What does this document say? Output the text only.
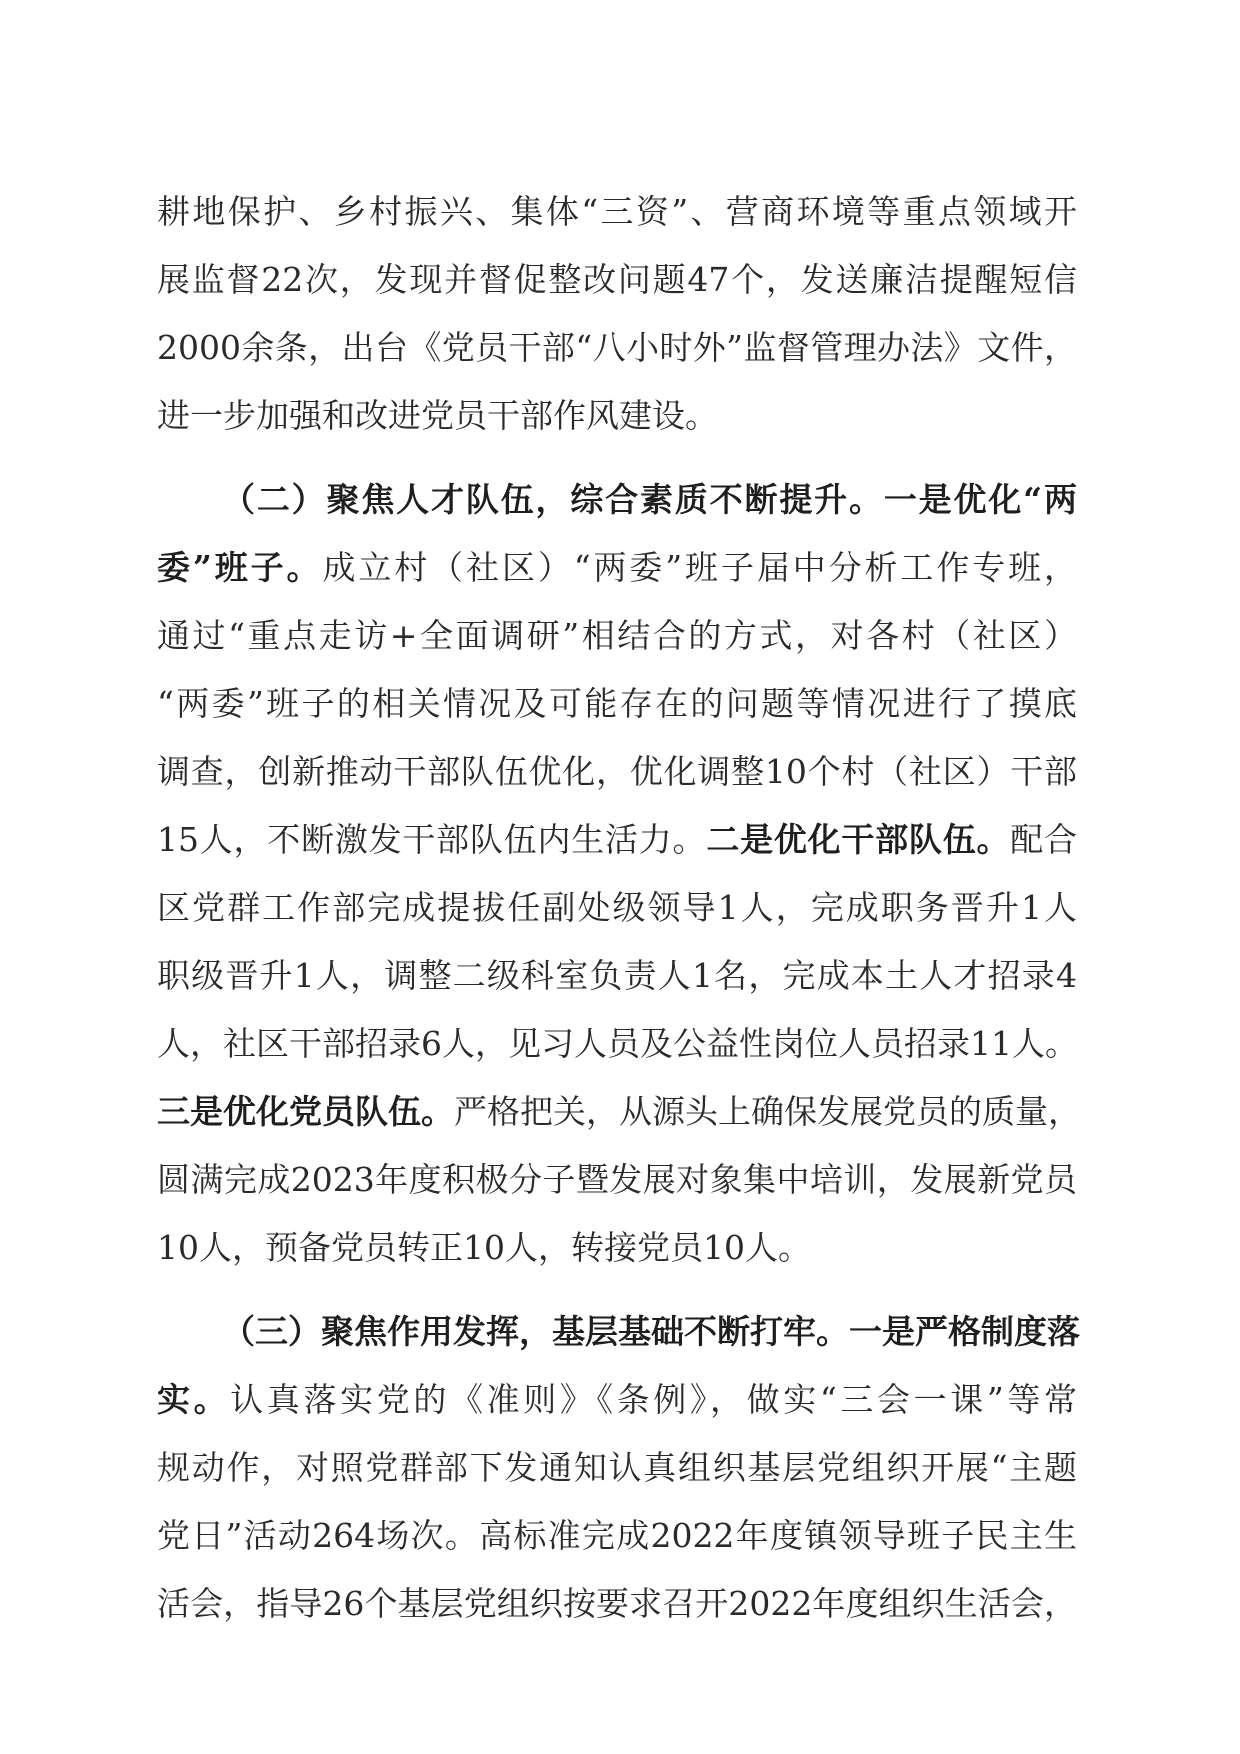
耕地保护、乡村振兴、集体“三资”、营商环境等重点领域开
展监督22次，发现并督促整改问题47个，发送廉洁提醒短信
2000余条，出台《党员干部“八小时外”监督管理办法》文件，
进一步加强和改进党员干部作风建设。
（二）聚焦人才队伍，综合素质不断提升。一是优化“两
委”班子。成立村（社区）“两委”班子届中分析工作专班，
通过“重点走访+全面调研”相结合的方式，对各村（社区）
“两委”班子的相关情况及可能存在的问题等情况进行了摸底
调查，创新推动干部队伍优化，优化调整10个村（社区）干部
15人，不断激发干部队伍内生活力。二是优化干部队伍。配合
区党群工作部完成提拔任副处级领导1人，完成职务晋升1人
职级晋升1人，调整二级科室负责人1名，完成本土人才招录4
人，社区干部招录6人，见习人员及公益性岗位人员招录11人。
三是优化党员队伍。严格把关，从源头上确保发展党员的质量，
圆满完成2023年度积极分子暨发展对象集中培训，发展新党员
10人，预备党员转正10人，转接党员10人。
（三）聚焦作用发挥，基层基础不断打牢。一是严格制度落
实。认真落实党的《准则》《条例》，做实“三会一课”等常
规动作，对照党群部下发通知认真组织基层党组织开展“主题
党日”活动264场次。高标准完成2022年度镇领导班子民主生
活会，指导26个基层党组织按要求召开2022年度组织生活会，
